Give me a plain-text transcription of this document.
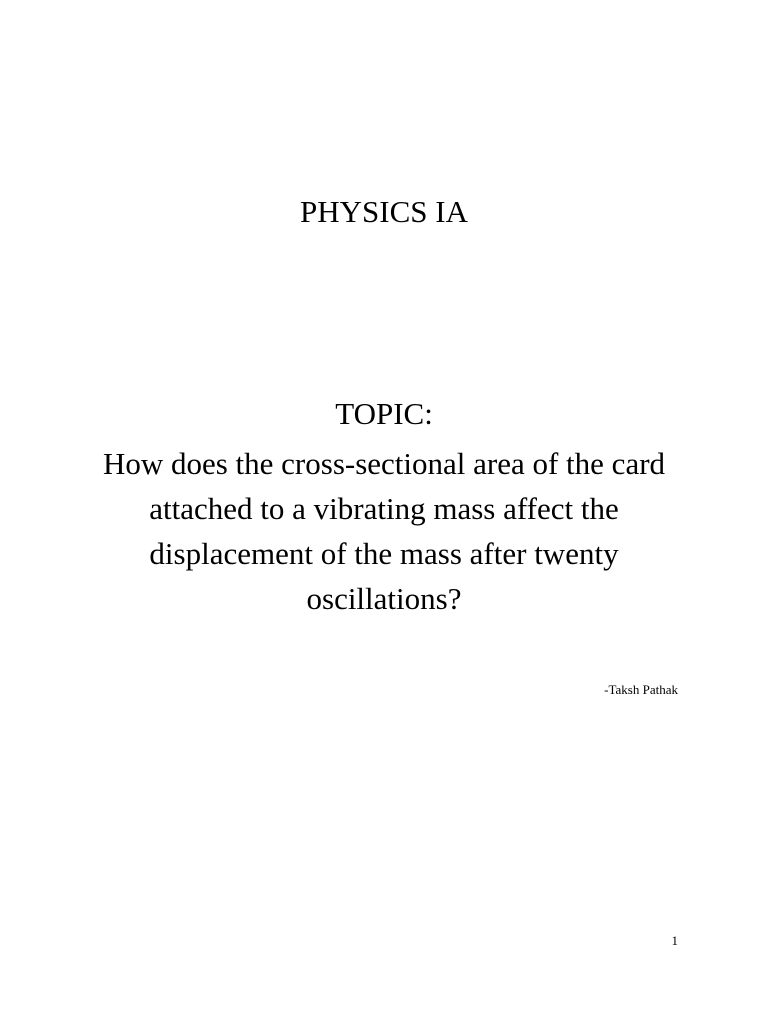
PHYSICS IA
TOPIC:

How does the cross-sectional area of the card attached to a vibrating mass affect the displacement of the mass after twenty oscillations?

-Taksh Pathak
1
